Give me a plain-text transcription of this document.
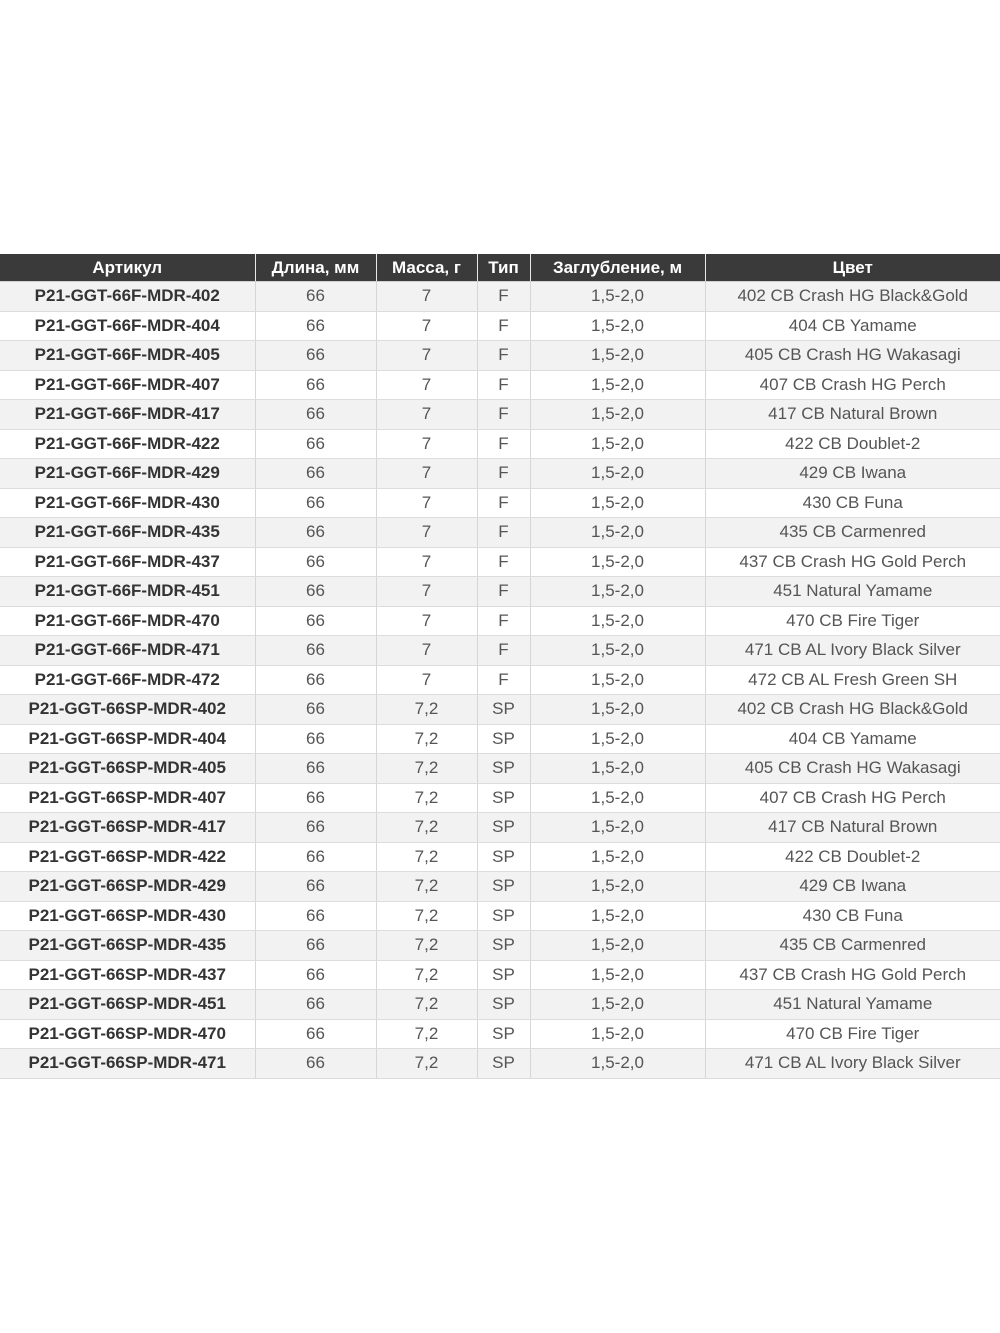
Артикул	Длина, мм	Масса, г	Тип	Заглубление, м	Цвет
P21-GGT-66F-MDR-402	66	7	F	1,5-2,0	402 CB Crash HG Black&Gold
P21-GGT-66F-MDR-404	66	7	F	1,5-2,0	404 CB Yamame
P21-GGT-66F-MDR-405	66	7	F	1,5-2,0	405 CB Crash HG Wakasagi
P21-GGT-66F-MDR-407	66	7	F	1,5-2,0	407 CB Crash HG Perch
P21-GGT-66F-MDR-417	66	7	F	1,5-2,0	417 CB Natural Brown
P21-GGT-66F-MDR-422	66	7	F	1,5-2,0	422 CB Doublet-2
P21-GGT-66F-MDR-429	66	7	F	1,5-2,0	429 CB Iwana
P21-GGT-66F-MDR-430	66	7	F	1,5-2,0	430 CB Funa
P21-GGT-66F-MDR-435	66	7	F	1,5-2,0	435 CB Carmenred
P21-GGT-66F-MDR-437	66	7	F	1,5-2,0	437 CB Crash HG Gold Perch
P21-GGT-66F-MDR-451	66	7	F	1,5-2,0	451 Natural Yamame
P21-GGT-66F-MDR-470	66	7	F	1,5-2,0	470 CB Fire Tiger
P21-GGT-66F-MDR-471	66	7	F	1,5-2,0	471 CB AL Ivory Black Silver
P21-GGT-66F-MDR-472	66	7	F	1,5-2,0	472 CB AL Fresh Green SH
P21-GGT-66SP-MDR-402	66	7,2	SP	1,5-2,0	402 CB Crash HG Black&Gold
P21-GGT-66SP-MDR-404	66	7,2	SP	1,5-2,0	404 CB Yamame
P21-GGT-66SP-MDR-405	66	7,2	SP	1,5-2,0	405 CB Crash HG Wakasagi
P21-GGT-66SP-MDR-407	66	7,2	SP	1,5-2,0	407 CB Crash HG Perch
P21-GGT-66SP-MDR-417	66	7,2	SP	1,5-2,0	417 CB Natural Brown
P21-GGT-66SP-MDR-422	66	7,2	SP	1,5-2,0	422 CB Doublet-2
P21-GGT-66SP-MDR-429	66	7,2	SP	1,5-2,0	429 CB Iwana
P21-GGT-66SP-MDR-430	66	7,2	SP	1,5-2,0	430 CB Funa
P21-GGT-66SP-MDR-435	66	7,2	SP	1,5-2,0	435 CB Carmenred
P21-GGT-66SP-MDR-437	66	7,2	SP	1,5-2,0	437 CB Crash HG Gold Perch
P21-GGT-66SP-MDR-451	66	7,2	SP	1,5-2,0	451 Natural Yamame
P21-GGT-66SP-MDR-470	66	7,2	SP	1,5-2,0	470 CB Fire Tiger
P21-GGT-66SP-MDR-471	66	7,2	SP	1,5-2,0	471 CB AL Ivory Black Silver
